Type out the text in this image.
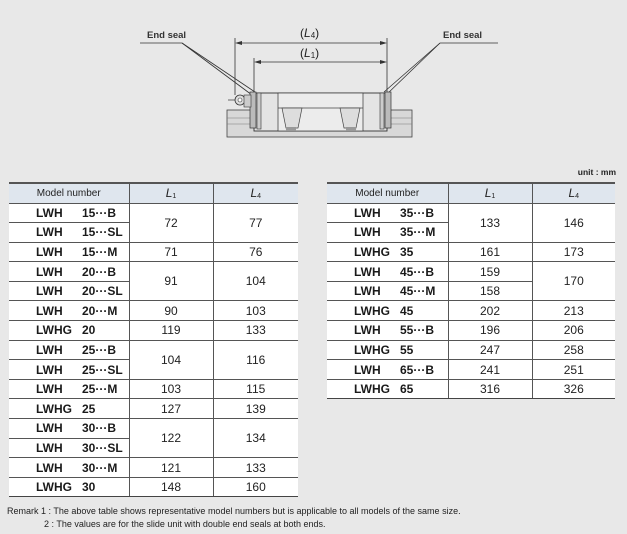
End seal	End seal
$(L_4)$
$(L_1)$
unit : mm
Model number	$L_1$	$L_4$
LWH 15···B	72	77
LWH 15···SL		
LWH 15···M	71	76
LWH 20···B	91	104
LWH 20···SL		
LWH 20···M	90	103
LWHG 20	119	133
LWH 25···B	104	116
LWH 25···SL		
LWH 25···M	103	115
LWHG 25	127	139
LWH 30···B	122	134
LWH 30···SL		
LWH 30···M	121	133
LWHG 30	148	160
Model number	$L_1$	$L_4$
LWH 35···B	133	146
LWH 35···M		
LWHG 35	161	173
LWH 45···B	159	170
LWH 45···M	158	
LWHG 45	202	213
LWH 55···B	196	206
LWHG 55	247	258
LWH 65···B	241	251
LWHG 65	316	326
Remark 1 : The above table shows representative model numbers but is applicable to all models of the same size.
2 : The values are for the slide unit with double end seals at both ends.
